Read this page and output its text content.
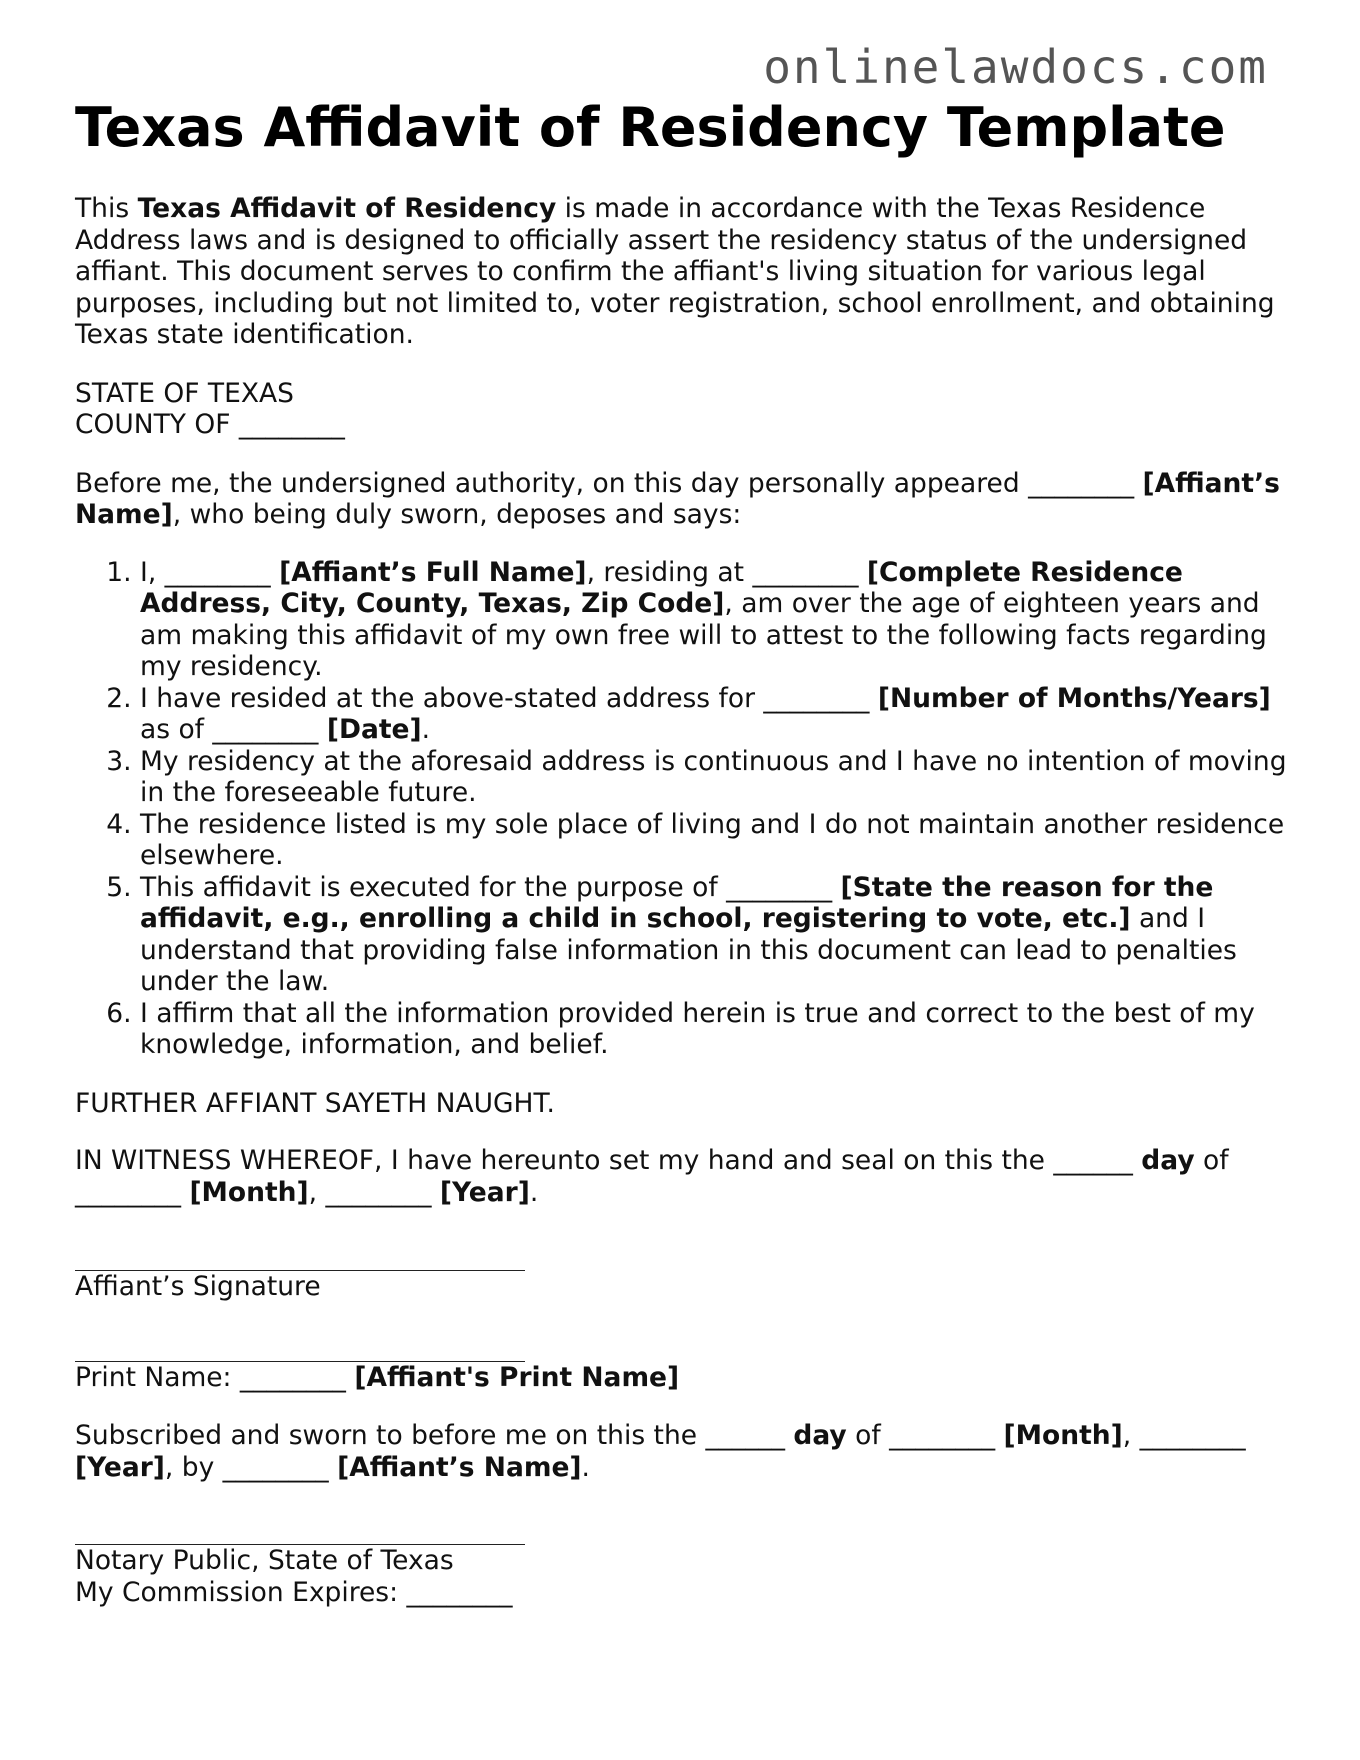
onlinelawdocs.com
Texas Affidavit of Residency Template

This Texas Affidavit of Residency is made in accordance with the Texas Residence Address laws and is designed to officially assert the residency status of the undersigned affiant. This document serves to confirm the affiant's living situation for various legal purposes, including but not limited to, voter registration, school enrollment, and obtaining Texas state identification.

STATE OF TEXAS

COUNTY OF ________

Before me, the undersigned authority, on this day personally appeared ________ [Affiant’s Name], who being duly sworn, deposes and says:

1. I, ________ [Affiant’s Full Name], residing at ________ [Complete Residence Address, City, County, Texas, Zip Code], am over the age of eighteen years and am making this affidavit of my own free will to attest to the following facts regarding my residency.
2. I have resided at the above-stated address for ________ [Number of Months/Years] as of ________ [Date].
3. My residency at the aforesaid address is continuous and I have no intention of moving in the foreseeable future.
4. The residence listed is my sole place of living and I do not maintain another residence elsewhere.
5. This affidavit is executed for the purpose of ________ [State the reason for the affidavit, e.g., enrolling a child in school, registering to vote, etc.] and I understand that providing false information in this document can lead to penalties under the law.
6. I affirm that all the information provided herein is true and correct to the best of my knowledge, information, and belief.

FURTHER AFFIANT SAYETH NAUGHT.

IN WITNESS WHEREOF, I have hereunto set my hand and seal on this the ______ day of ________ [Month], ________ [Year].

Affiant’s Signature

Print Name: ________ [Affiant's Print Name]

Subscribed and sworn to before me on this the ______ day of ________ [Month], ________ [Year], by ________ [Affiant’s Name].

Notary Public, State of Texas

My Commission Expires: ________
